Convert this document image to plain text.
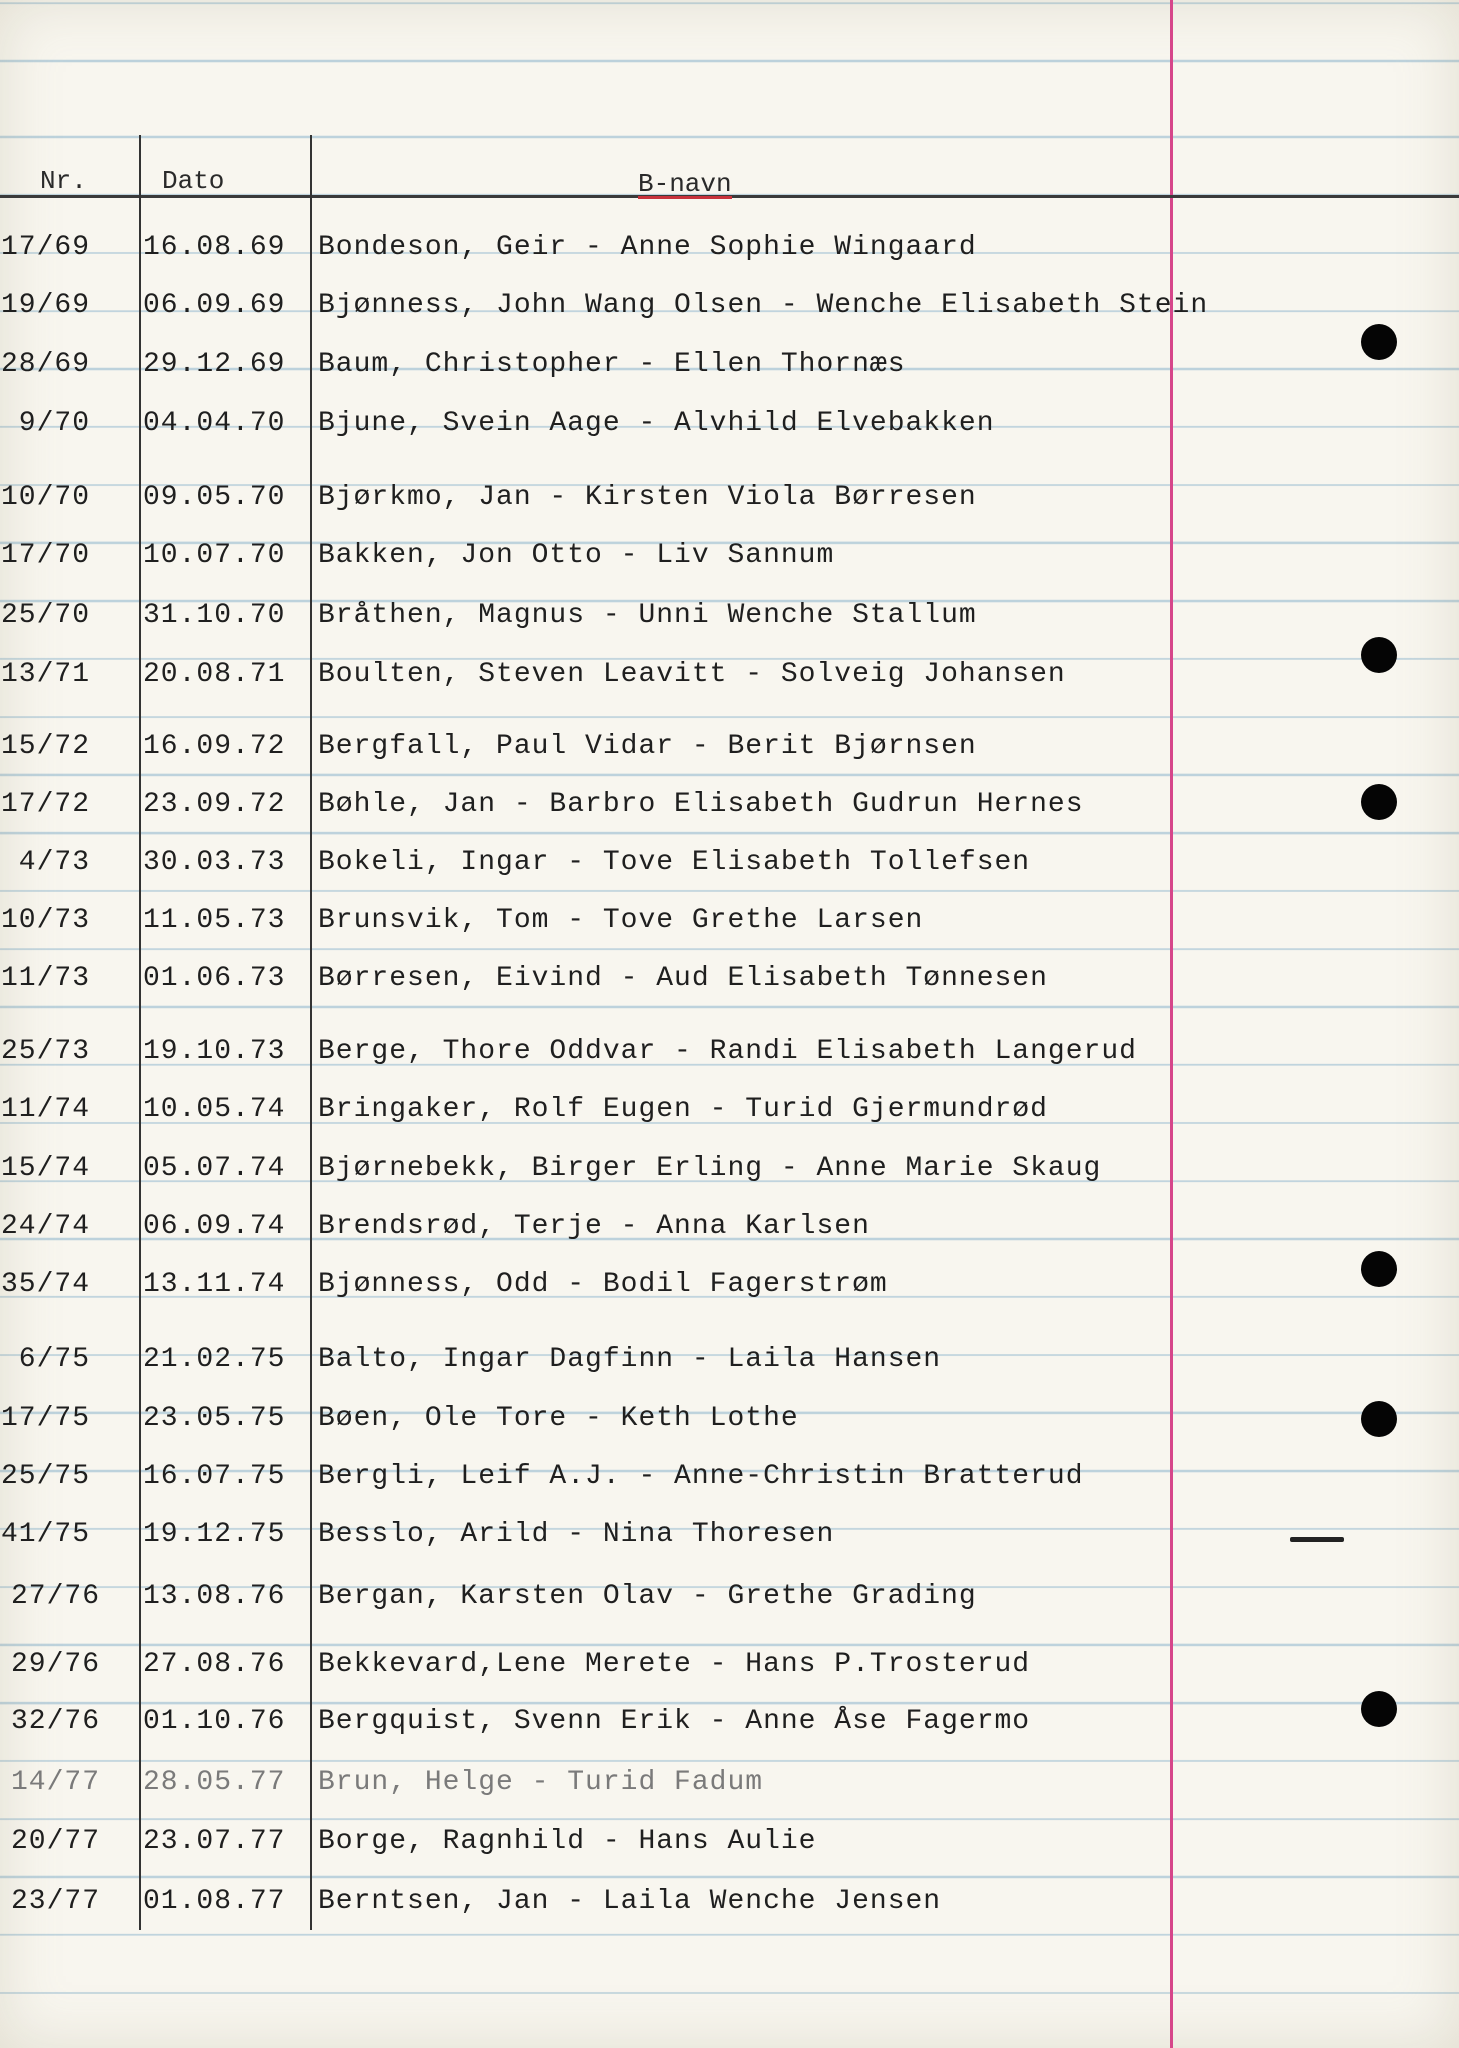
Nr.	Dato	B-navn
17/69 16.08.69 Bondeson, Geir - Anne Sophie Wingaard
19/69 06.09.69 Bjønness, John Wang Olsen - Wenche Elisabeth Stein
28/69 29.12.69 Baum, Christopher - Ellen Thornæs
9/70 04.04.70 Bjune, Svein Aage - Alvhild Elvebakken
10/70 09.05.70 Bjørkmo, Jan - Kirsten Viola Børresen
17/70 10.07.70 Bakken, Jon Otto - Liv Sannum
25/70 31.10.70 Bråthen, Magnus - Unni Wenche Stallum
13/71 20.08.71 Boulten, Steven Leavitt - Solveig Johansen
15/72 16.09.72 Bergfall, Paul Vidar - Berit Bjørnsen
17/72 23.09.72 Bøhle, Jan - Barbro Elisabeth Gudrun Hernes
4/73 30.03.73 Bokeli, Ingar - Tove Elisabeth Tollefsen
10/73 11.05.73 Brunsvik, Tom - Tove Grethe Larsen
11/73 01.06.73 Børresen, Eivind - Aud Elisabeth Tønnesen
25/73 19.10.73 Berge, Thore Oddvar - Randi Elisabeth Langerud
11/74 10.05.74 Bringaker, Rolf Eugen - Turid Gjermundrød
15/74 05.07.74 Bjørnebekk, Birger Erling - Anne Marie Skaug
24/74 06.09.74 Brendsrød, Terje - Anna Karlsen
35/74 13.11.74 Bjønness, Odd - Bodil Fagerstrøm
6/75 21.02.75 Balto, Ingar Dagfinn - Laila Hansen
17/75 23.05.75 Bøen, Ole Tore - Keth Lothe
25/75 16.07.75 Bergli, Leif A.J. - Anne-Christin Bratterud
41/75 19.12.75 Besslo, Arild - Nina Thoresen
27/76 13.08.76 Bergan, Karsten Olav - Grethe Grading
29/76 27.08.76 Bekkevard,Lene Merete - Hans P.Trosterud
32/76 01.10.76 Bergquist, Svenn Erik - Anne Åse Fagermo
14/77 28.05.77 Brun, Helge - Turid Fadum
20/77 23.07.77 Borge, Ragnhild - Hans Aulie
23/77 01.08.77 Berntsen, Jan - Laila Wenche Jensen
